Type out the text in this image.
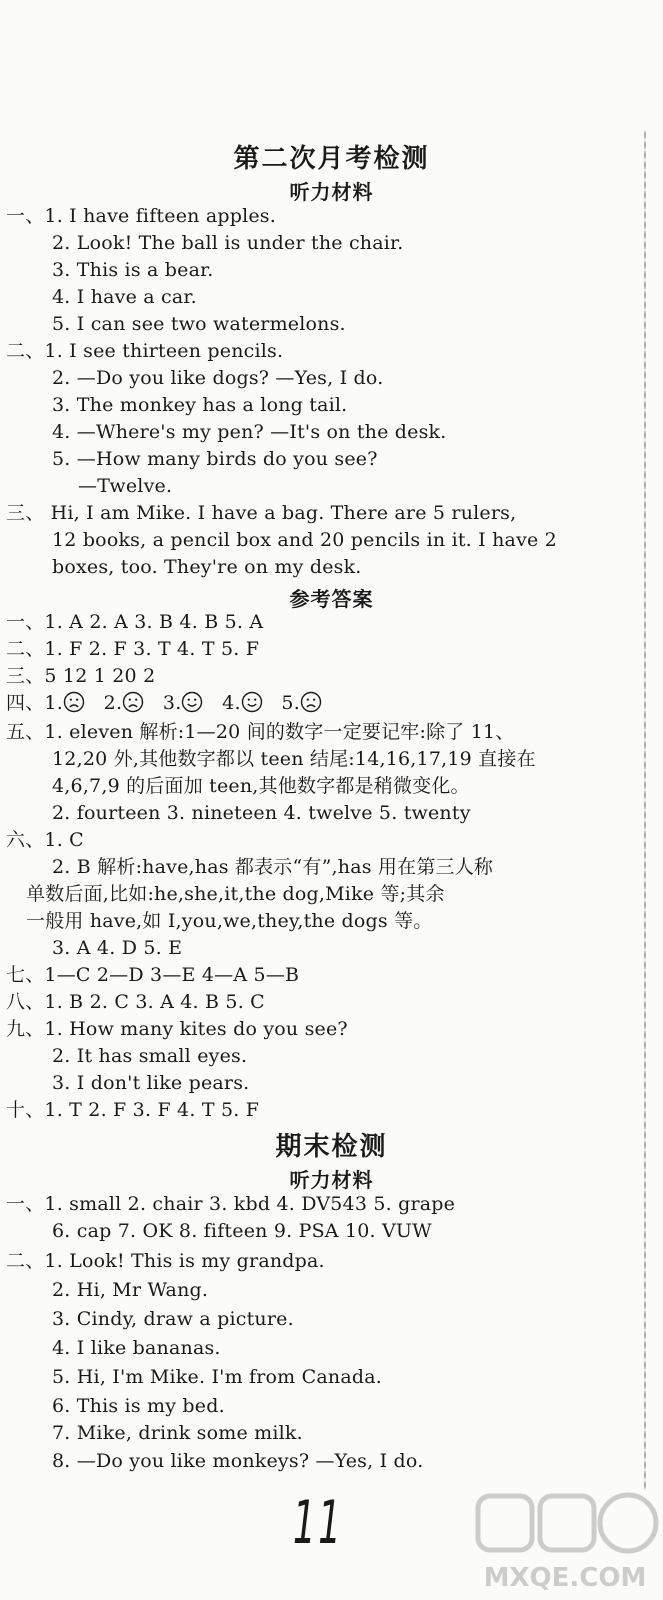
第二次月考检测
听力材料
一、1. I have fifteen apples.
2. Look! The ball is under the chair.
3. This is a bear.
4. I have a car.
5. I can see two watermelons.
二、1. I see thirteen pencils.
2. —Do you like dogs? —Yes, I do.
3. The monkey has a long tail.
4. —Where's my pen? —It's on the desk.
5. —How many birds do you see?
—Twelve.
三、 Hi, I am Mike. I have a bag. There are 5 rulers,
12 books, a pencil box and 20 pencils in it. I have 2
boxes, too. They're on my desk.
参考答案
一、1. A 2. A 3. B 4. B 5. A
二、1. F 2. F 3. T 4. T 5. F
三、5 12 1 20 2
四、1. 2. 3. 4. 5.
五、1. eleven 解析:1—20 间的数字一定要记牢:除了 11、
12,20 外,其他数字都以 teen 结尾:14,16,17,19 直接在
4,6,7,9 的后面加 teen,其他数字都是稍微变化。
2. fourteen 3. nineteen 4. twelve 5. twenty
六、1. C
2. B 解析:have,has 都表示“有”,has 用在第三人称
单数后面,比如:he,she,it,the dog,Mike 等;其余
一般用 have,如 I,you,we,they,the dogs 等。
3. A 4. D 5. E
七、1—C 2—D 3—E 4—A 5—B
八、1. B 2. C 3. A 4. B 5. C
九、1. How many kites do you see?
2. It has small eyes.
3. I don't like pears.
十、1. T 2. F 3. F 4. T 5. F
期末检测
听力材料
一、1. small 2. chair 3. kbd 4. DV543 5. grape
6. cap 7. OK 8. fifteen 9. PSA 10. VUW
二、1. Look! This is my grandpa.
2. Hi, Mr Wang.
3. Cindy, draw a picture.
4. I like bananas.
5. Hi, I'm Mike. I'm from Canada.
6. This is my bed.
7. Mike, drink some milk.
8. —Do you like monkeys? —Yes, I do.
11
MXQE.COM
